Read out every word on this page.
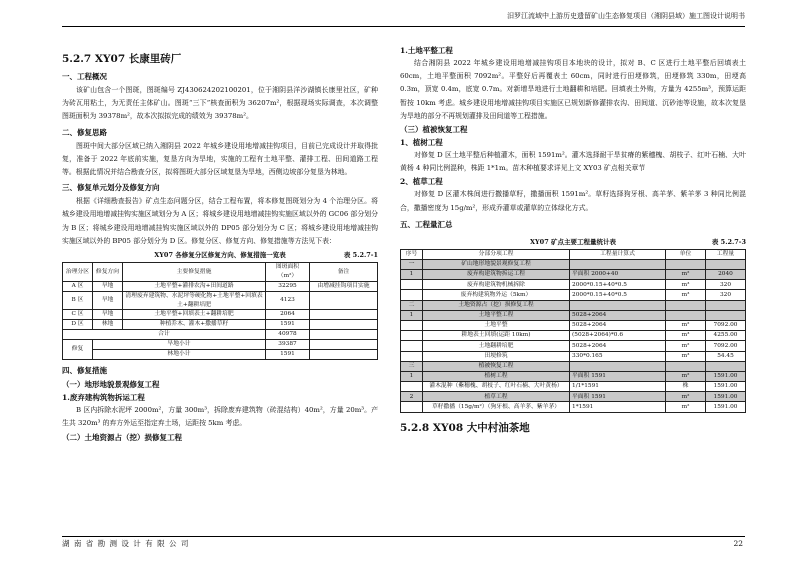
汨罗江流域中上游历史遗留矿山生态修复项目（湘阴县域）施工图设计说明书
5.2.7 XY07 长康里砖厂
一、工程概况

该矿山包含一个图斑，图斑编号 ZJ430624202100201，位于湘阴县洋沙湖镇长康里社区，矿种为砖瓦用粘土，为无责任主体矿山。图斑“三下”核查面积为 36207m²，根据现场实际调查，本次调整图斑面积为 39378m²，故本次拟拟完成的绩效为 39378m²。

二、修复思路

图斑中间大部分区域已纳入湘阴县 2022 年城乡建设用地增减挂钩项目，目前已完成设计并取得批复，准备于 2022 年底前实施，复垦方向为旱地，实施的工程有土地平整、灌排工程、田间道路工程等。根据此情况并结合勘查分区，拟将图斑大部分区域复垦为旱地，西侧边坡部分复垦为林地。

三、修复单元划分及修复方向

根据《详细勘查报告》矿点生态问题分区，结合工程布置，将本修复图斑划分为 4 个治理分区。将城乡建设用地增减挂钩实施区域划分为 A 区；将城乡建设用地增减挂钩实施区域以外的 GC06 部分划分为 B 区；将城乡建设用地增减挂钩实施区域以外的 DP05 部分划分为 C 区；将城乡建设用地增减挂钩实施区域以外的 BP05 部分划分为 D 区。修复分区、修复方向、修复措施等方法见下表：

XY07 各修复分区修复方向、修复措施一览表	表 5.2.7-1
治理分区	修复方向	主要修复措施	图斑面积（m²）	备注
A 区	旱地	土地平整+灌排农沟+田间道路	32295	由增减挂钩项目实施
B 区	旱地	清理废弃建筑物、水泥坪等硬化物+土地平整+回填表土+翻耕培肥	4123	
C 区	旱地	土地平整+回填表土+翻耕培肥	2064	
D 区	林地	种植乔木、灌木+撒播草籽	1591	
合计			40978	
修复	旱地小计		39387	
	林地小计		1591	
四、修复措施
（一）地形地貌景观修复工程
1.废弃建构筑物拆运工程

B 区内拆除水泥坪 2000m²，方量 300m³，拆除废弃建筑物（砖混结构）40m²，方量 20m³。产生共 320m³ 的弃方外运至指定弃土场，运距按 5km 考虑。

（二）土地资源占（挖）损修复工程
1.土地平整工程

结合湘阴县 2022 年城乡建设用地增减挂钩项目本地块的设计，拟对 B、C 区进行土地平整后回填表土 60cm，土地平整面积 7092m²。平整好后再覆表土 60cm，同时进行田埂修筑，田埂修筑 330m，田埂高 0.3m，顶宽 0.4m，底宽 0.7m。对新增旱地进行土地翻耕和培肥。回填表土外购，方量为 4255m³，预算运距暂按 10km 考虑。城乡建设用地增减挂钩项目实施区已规划新修灌排农沟、田间道、沉砂池等设施，故本次复垦为旱地的部分不再规划灌排及田间道等工程措施。

（三）植被恢复工程
1、植树工程

对修复 D 区土地平整后种植灌木，面积 1591m²。灌木选择耐干旱贫瘠的紫穗槐、胡枝子、红叶石楠、大叶黄杨 4 种同比例混种，株距 1*1m。苗木种植要求详见上文 XY03 矿点相关章节

2、植草工程

对修复 D 区灌木株间进行撒播草籽，撒播面积 1591m²。草籽选择狗牙根、高羊茅、紫羊茅 3 种同比例混合，撒播密度为 15g/m²，形成乔灌草或灌草的立体绿化方式。

五、工程量汇总
XY07 矿点主要工程量统计表	表 5.2.7-3
序号	分部分项工程	工程量计算式	单位	工程量
一	矿山地形地貌景观修复工程			
1	废弃构建筑物拆运工程	平面积 2000+40	m²	2040
	废弃构建筑物机械拆除	2000*0.15+40*0.5	m³	320
	废弃构建筑物外运（5km）	2000*0.15+40*0.5	m³	320
二	土地资源占（挖）损修复工程			
1	土地平整工程	5028+2064		
	土地平整	5028+2064	m²	7092.00
	耕地表土回填(运距 10km)	(5028+2064)*0.6	m³	4255.00
	土地翻耕培肥	5028+2064	m²	7092.00
	田埂修筑	330*0.165	m³	54.45
三	植被恢复工程			
1	植树工程	平面积 1591	m²	1591.00
	灌木混种（紫穗槐、胡枝子、红叶石楠、大叶黄杨）	1/1*1591	株	1591.00
2	植草工程	平面积 1591	m²	1591.00
	草籽撒播（15g/m²）（狗牙根、高羊茅、紫羊茅）	1*1591	m²	1591.00
5.2.8 XY08 大中村油茶地
湖 南 省 勘 测 设 计 有 限 公 司	22
